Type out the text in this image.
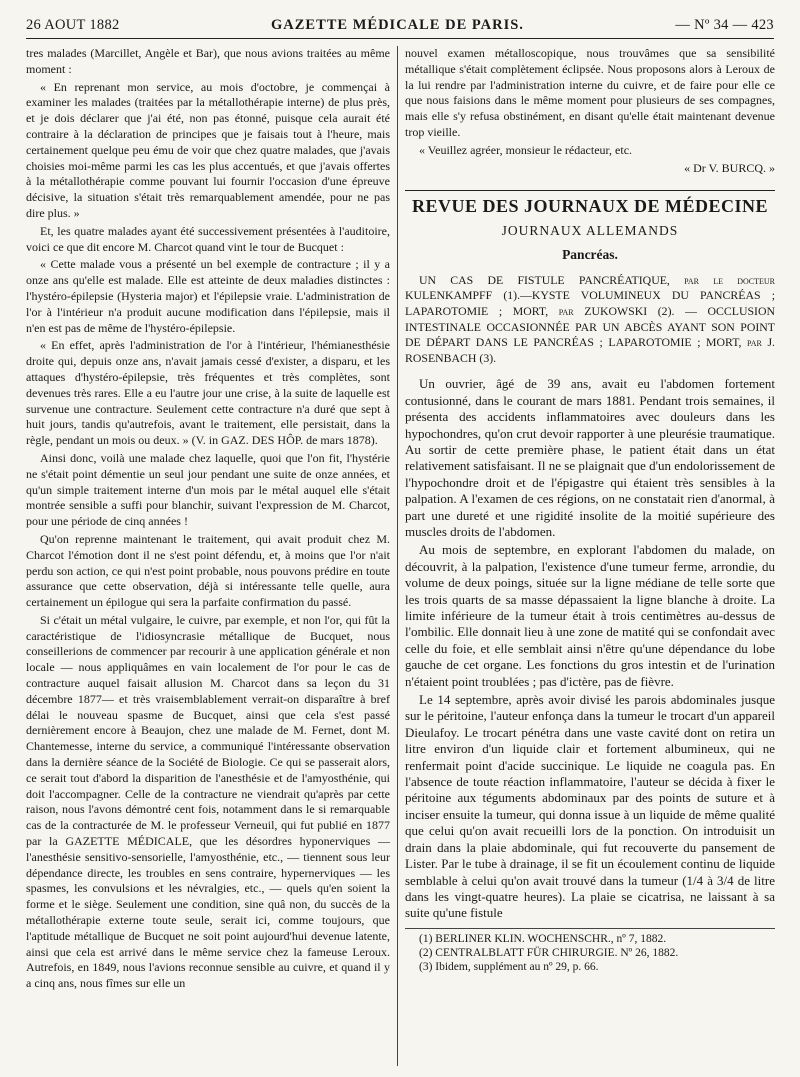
26 AOUT 1882	GAZETTE MÉDICALE DE PARIS.	— Nº 34 — 423

tres malades (Marcillet, Angèle et Bar), que nous avions traitées au même moment :

« En reprenant mon service, au mois d'octobre, je commençai à examiner les malades (traitées par la métallothérapie interne) de plus près, et je dois déclarer que j'ai été, non pas étonné, puisque cela aurait été contraire à la déclaration de principes que je faisais tout à l'heure, mais certainement quelque peu ému de voir que chez quatre malades, que j'avais choisies moi-même parmi les cas les plus accentués, et que j'avais offertes à la métallothérapie comme pouvant lui fournir l'occasion d'une épreuve décisive, la situation s'était très remarquablement amendée, pour ne pas dire plus. »

Et, les quatre malades ayant été successivement présentées à l'auditoire, voici ce que dit encore M. Charcot quand vint le tour de Bucquet :

« Cette malade vous a présenté un bel exemple de contracture ; il y a onze ans qu'elle est malade. Elle est atteinte de deux maladies distinctes : l'hystéro-épilepsie (Hysteria major) et l'épilepsie vraie. L'administration de l'or à l'intérieur n'a produit aucune modification dans l'épilepsie, mais il n'en est pas de même de l'hystéro-épilepsie.

« En effet, après l'administration de l'or à l'intérieur, l'hémianesthésie droite qui, depuis onze ans, n'avait jamais cessé d'exister, a disparu, et les attaques d'hystéro-épilepsie, très fréquentes et très complètes, sont devenues très rares. Elle a eu l'autre jour une crise, à la suite de laquelle est survenue une contracture. Seulement cette contracture n'a duré que sept à huit jours, tandis qu'autrefois, avant le traitement, elle persistait, dans la règle, pendant un mois ou deux. » (V. in GAZ. DES HÔP. de mars 1878).

Ainsi donc, voilà une malade chez laquelle, quoi que l'on fit, l'hystérie ne s'était point démentie un seul jour pendant une suite de onze années, et qu'un simple traitement interne d'un mois par le métal auquel elle s'était montrée sensible a suffi pour blanchir, suivant l'expression de M. Charcot, pour une période de cinq années !

Qu'on reprenne maintenant le traitement, qui avait produit chez M. Charcot l'émotion dont il ne s'est point défendu, et, à moins que l'or n'ait perdu son action, ce qui n'est point probable, nous pouvons prédire en toute assurance que cette observation, déjà si intéressante telle quelle, aura certainement un épilogue qui sera la parfaite confirmation du passé.

Si c'était un métal vulgaire, le cuivre, par exemple, et non l'or, qui fût la caractéristique de l'idiosyncrasie métallique de Bucquet, nous conseillerions de commencer par recourir à une application générale et non locale — nous appliquâmes en vain localement de l'or pour le cas de contracture auquel faisait allusion M. Charcot dans sa leçon du 31 décembre 1877— et très vraisemblablement verrait-on disparaître à bref délai le nouveau spasme de Bucquet, ainsi que cela s'est passé dernièrement encore à Beaujon, chez une malade de M. Fernet, dont M. Chantemesse, interne du service, a communiqué l'intéressante observation dans la dernière séance de la Société de Biologie. Ce qui se passerait alors, ce serait tout d'abord la disparition de l'anesthésie et de l'amyosthénie, qui doit l'accompagner. Celle de la contracture ne viendrait qu'après par cette raison, nous l'avons démontré cent fois, notamment dans le si remarquable cas de la contracturée de M. le professeur Verneuil, qui fut publié en 1877 par la GAZETTE MÉDICALE, que les désordres hyponerviques — l'anesthésie sensitivo-sensorielle, l'amyosthénie, etc., — tiennent sous leur dépendance directe, les troubles en sens contraire, hypernerviques — les spasmes, les convulsions et les névralgies, etc., — quels qu'en soient la forme et le siège. Seulement une condition, sine quâ non, du succès de la métallothérapie externe toute seule, serait ici, comme toujours, que l'aptitude métallique de Bucquet ne soit point aujourd'hui devenue latente, ainsi que cela est arrivé dans le même service chez la fameuse Leroux. Autrefois, en 1849, nous l'avions reconnue sensible au cuivre, et quand il y a cinq ans, nous fîmes sur elle un

nouvel examen métalloscopique, nous trouvâmes que sa sensibilité métallique s'était complètement éclipsée. Nous proposons alors à Leroux de la lui rendre par l'administration interne du cuivre, et de faire pour elle ce que nous faisions dans le même moment pour plusieurs de ses compagnes, mais elle s'y refusa obstinément, en disant qu'elle était maintenant devenue trop vieille.

« Veuillez agréer, monsieur le rédacteur, etc.

« Dr V. BURCQ. »
REVUE DES JOURNAUX DE MÉDECINE
JOURNAUX ALLEMANDS
Pancréas.
UN CAS DE FISTULE PANCRÉATIQUE, par le docteur KULENKAMPFF (1).—KYSTE VOLUMINEUX DU PANCRÉAS ; LAPAROTOMIE ; MORT, par ZUKOWSKI (2). — OCCLUSION INTESTINALE OCCASIONNÉE PAR UN ABCÈS AYANT SON POINT DE DÉPART DANS LE PANCRÉAS ; LAPAROTOMIE ; MORT, par J. ROSENBACH (3).

Un ouvrier, âgé de 39 ans, avait eu l'abdomen fortement contusionné, dans le courant de mars 1881. Pendant trois semaines, il présenta des accidents inflammatoires avec douleurs dans les hypochondres, qu'on crut devoir rapporter à une pleurésie traumatique. Au sortir de cette première phase, le patient était dans un état relativement satisfaisant. Il ne se plaignait que d'un endolorissement de l'hypochondre droit et de l'épigastre qui étaient très sensibles à la palpation. A l'examen de ces régions, on ne constatait rien d'anormal, à part une dureté et une rigidité insolite de la moitié supérieure des muscles droits de l'abdomen.

Au mois de septembre, en explorant l'abdomen du malade, on découvrit, à la palpation, l'existence d'une tumeur ferme, arrondie, du volume de deux poings, située sur la ligne médiane de telle sorte que les trois quarts de sa masse dépassaient la ligne blanche à droite. La limite inférieure de la tumeur était à trois centimètres au-dessus de l'ombilic. Elle donnait lieu à une zone de matité qui se confondait avec celle du foie, et elle semblait ainsi n'être qu'une dépendance du lobe gauche de cet organe. Les fonctions du gros intestin et de l'urination n'étaient point troublées ; pas d'ictère, pas de fièvre.

Le 14 septembre, après avoir divisé les parois abdominales jusque sur le péritoine, l'auteur enfonça dans la tumeur le trocart d'un appareil Dieulafoy. Le trocart pénétra dans une vaste cavité dont on retira un litre environ d'un liquide clair et fortement albumineux, qui ne renfermait point d'acide succinique. Le liquide ne coagula pas. En l'absence de toute réaction inflammatoire, l'auteur se décida à fixer le péritoine aux téguments abdominaux par des points de suture et à inciser ensuite la tumeur, qui donna issue à un liquide de même qualité que celui qu'on avait recueilli lors de la ponction. On introduisit un drain dans la plaie abdominale, qui fut recouverte du pansement de Lister. Par le tube à drainage, il se fit un écoulement continu de liquide semblable à celui qu'on avait trouvé dans la tumeur (1/4 à 3/4 de litre dans les vingt-quatre heures). La plaie se cicatrisa, ne laissant à sa suite qu'une fistule

(1) BERLINER KLIN. WOCHENSCHR., nº 7, 1882.
(2) CENTRALBLATT FÜR CHIRURGIE. Nº 26, 1882.
(3) Ibidem, supplément au nº 29, p. 66.
